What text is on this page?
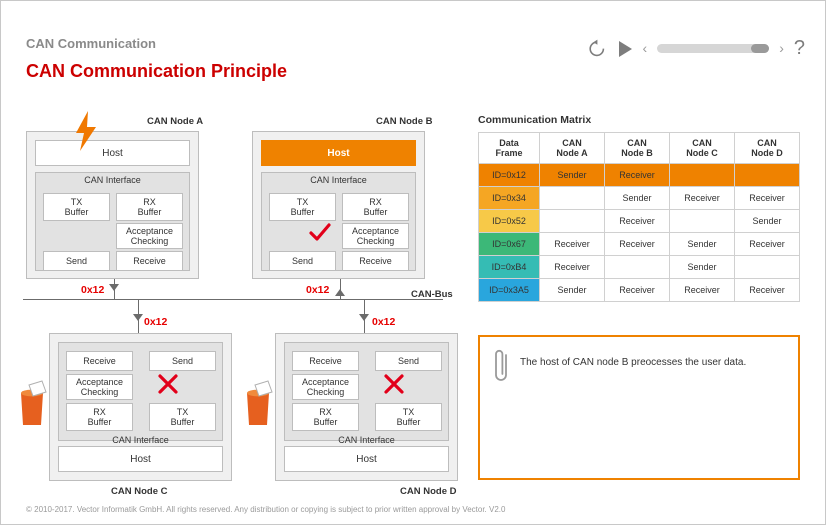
CAN Communication
CAN Communication Principle
‹	› ?
CAN Node A
Host
CAN Interface
TX
Buffer
RX
Buffer
Acceptance
Checking
Send	Receive
CAN Node B
Host
CAN Interface
TX
Buffer
RX
Buffer
Acceptance
Checking
Send	Receive
CAN-Bus
0x12	0x12
0x12	0x12
Receive	Send
Acceptance
Checking
RX
Buffer
TX
Buffer
CAN Interface
Host
CAN Node C
Receive	Send
Acceptance
Checking
RX
Buffer
TX
Buffer
CAN Interface
Host
CAN Node D
Communication Matrix
Data
Frame

CAN
Node A

CAN
Node B

CAN
Node C

CAN
Node D

ID=0x12	Sender	Receiver		
ID=0x34		Sender	Receiver	Receiver
ID=0x52		Receiver		Sender
ID=0x67	Receiver	Receiver	Sender	Receiver
ID=0xB4	Receiver		Sender	
ID=0x3A5	Sender	Receiver	Receiver	Receiver
The host of CAN node B preocesses the user data.
© 2010-2017. Vector Informatik GmbH. All rights reserved. Any distribution or copying is subject to prior written approval by Vector. V2.0
